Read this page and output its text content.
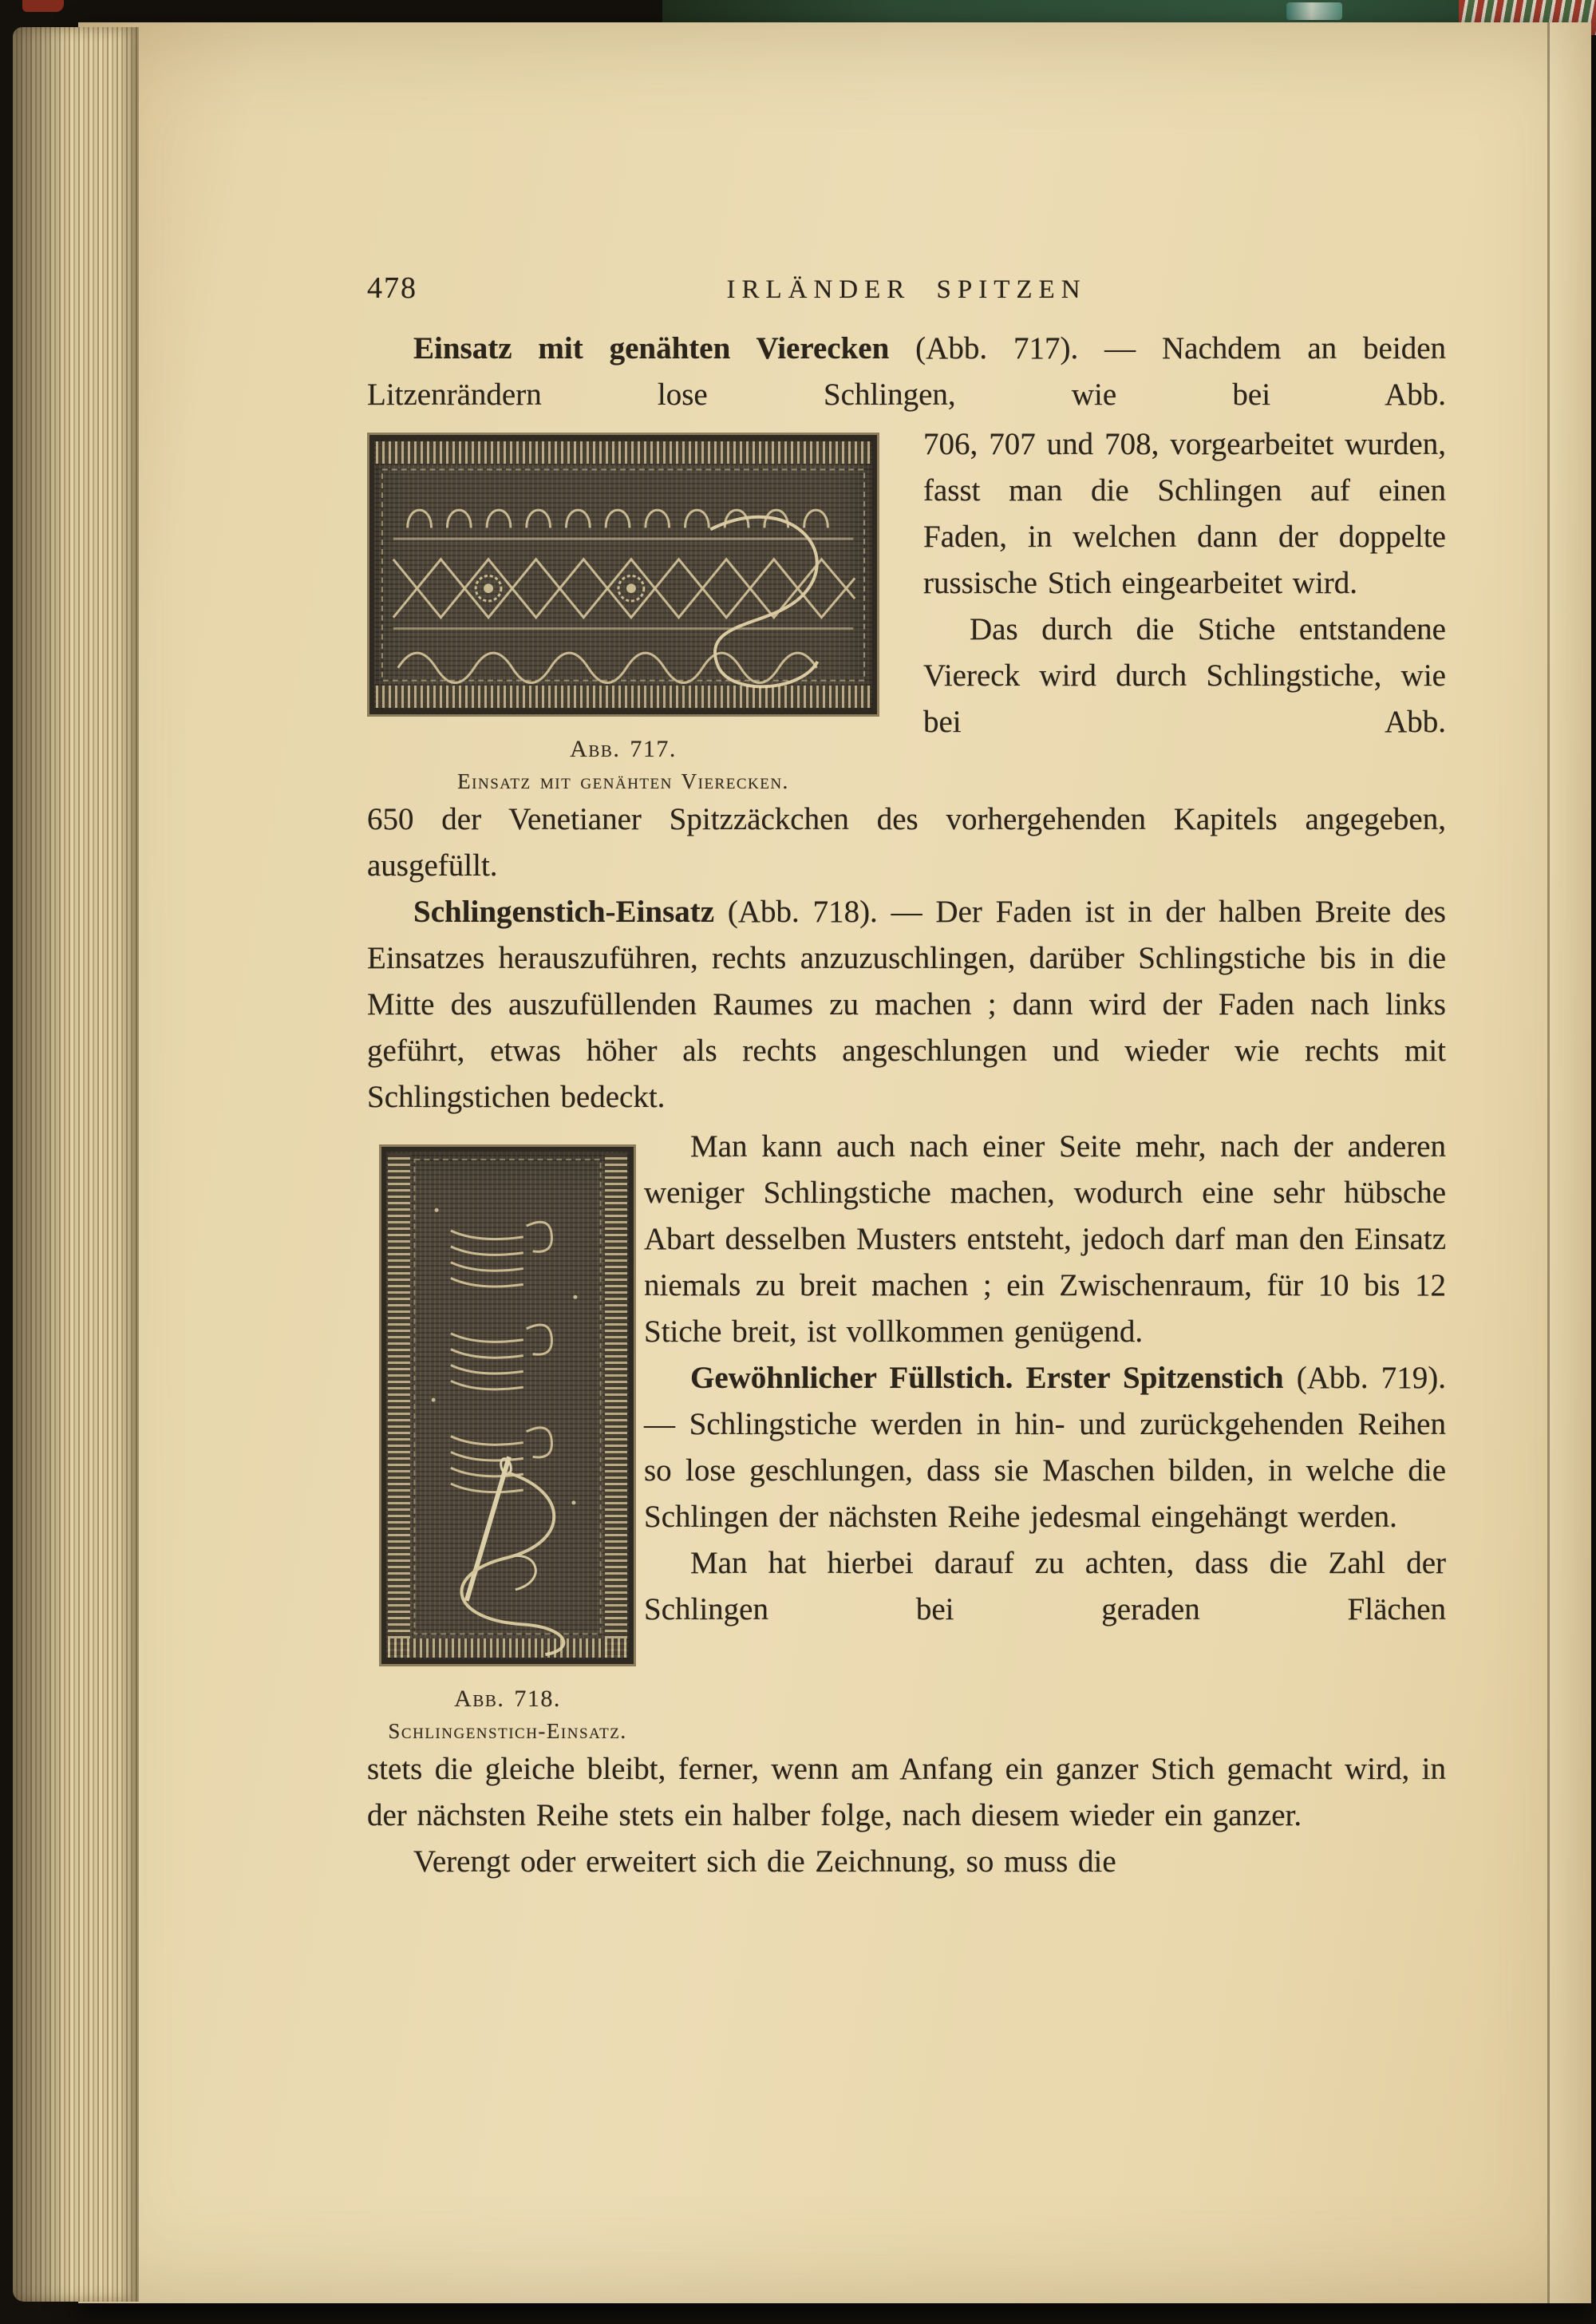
478	IRLÄNDER SPITZEN

Einsatz mit genähten Vierecken (Abb. 717). — Nachdem an beiden Litzenrändern lose Schlingen, wie bei Abb.

Abb. 717.
Einsatz mit genähten Vierecken.

706, 707 und 708, vorgearbeitet wurden, fasst man die Schlingen auf einen Faden, in welchen dann der doppelte russische Stich eingearbeitet wird.

Das durch die Stiche entstandene Viereck wird durch Schlingstiche, wie bei Abb.

650 der Venetianer Spitzzäckchen des vorhergehenden Kapitels angegeben, ausgefüllt.

Schlingenstich-Einsatz (Abb. 718). — Der Faden ist in der halben Breite des Einsatzes herauszuführen, rechts anzuzuschlingen, darüber Schlingstiche bis in die Mitte des auszufüllenden Raumes zu machen ; dann wird der Faden nach links geführt, etwas höher als rechts angeschlungen und wieder wie rechts mit Schlingstichen bedeckt.

Abb. 718.
Schlingenstich-Einsatz.

Man kann auch nach einer Seite mehr, nach der anderen weniger Schlingstiche machen, wodurch eine sehr hübsche Abart desselben Musters entsteht, jedoch darf man den Einsatz niemals zu breit machen ; ein Zwischenraum, für 10 bis 12 Stiche breit, ist vollkommen genügend.

Gewöhnlicher Füllstich. Erster Spitzenstich (Abb. 719). — Schlingstiche werden in hin- und zurückgehenden Reihen so lose geschlungen, dass sie Maschen bilden, in welche die Schlingen der nächsten Reihe jedesmal eingehängt werden.

Man hat hierbei darauf zu achten, dass die Zahl der Schlingen bei geraden Flächen

stets die gleiche bleibt, ferner, wenn am Anfang ein ganzer Stich gemacht wird, in der nächsten Reihe stets ein halber folge, nach diesem wieder ein ganzer.

Verengt oder erweitert sich die Zeichnung, so muss die
